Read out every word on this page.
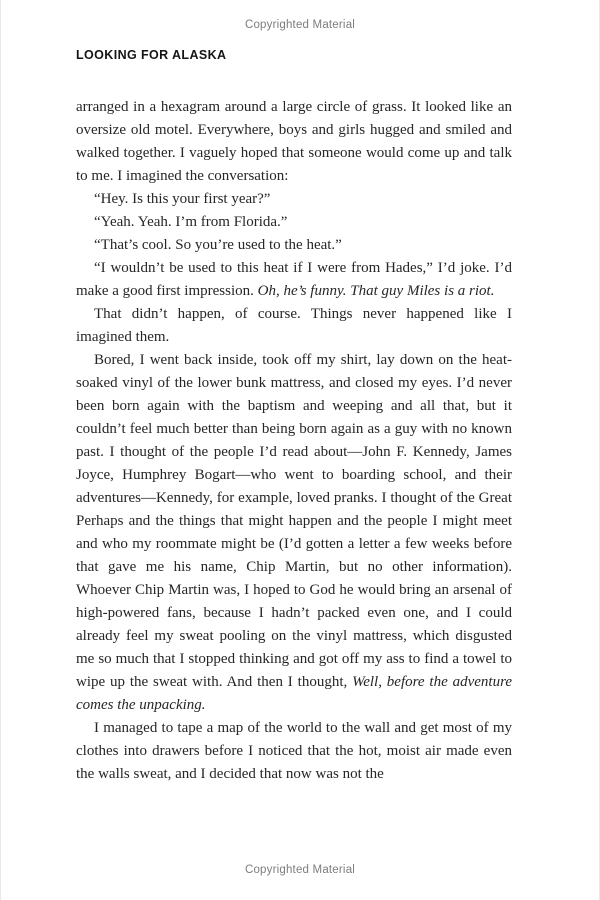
Copyrighted Material
LOOKING FOR ALASKA

arranged in a hexagram around a large circle of grass. It looked like an oversize old motel. Everywhere, boys and girls hugged and smiled and walked together. I vaguely hoped that someone would come up and talk to me. I imagined the conversation:

“Hey. Is this your first year?”

“Yeah. Yeah. I’m from Florida.”

“That’s cool. So you’re used to the heat.”

“I wouldn’t be used to this heat if I were from Hades,” I’d joke. I’d make a good first impression. Oh, he’s funny. That guy Miles is a riot.

That didn’t happen, of course. Things never happened like I imagined them.

Bored, I went back inside, took off my shirt, lay down on the heat-soaked vinyl of the lower bunk mattress, and closed my eyes. I’d never been born again with the baptism and weeping and all that, but it couldn’t feel much better than being born again as a guy with no known past. I thought of the people I’d read about—John F. Kennedy, James Joyce, Humphrey Bogart—who went to boarding school, and their adventures—Kennedy, for example, loved pranks. I thought of the Great Perhaps and the things that might happen and the people I might meet and who my roommate might be (I’d gotten a letter a few weeks before that gave me his name, Chip Martin, but no other information). Whoever Chip Martin was, I hoped to God he would bring an arsenal of high-powered fans, because I hadn’t packed even one, and I could already feel my sweat pooling on the vinyl mattress, which disgusted me so much that I stopped thinking and got off my ass to find a towel to wipe up the sweat with. And then I thought, Well, before the adventure comes the unpacking.

I managed to tape a map of the world to the wall and get most of my clothes into drawers before I noticed that the hot, moist air made even the walls sweat, and I decided that now was not the

Copyrighted Material
